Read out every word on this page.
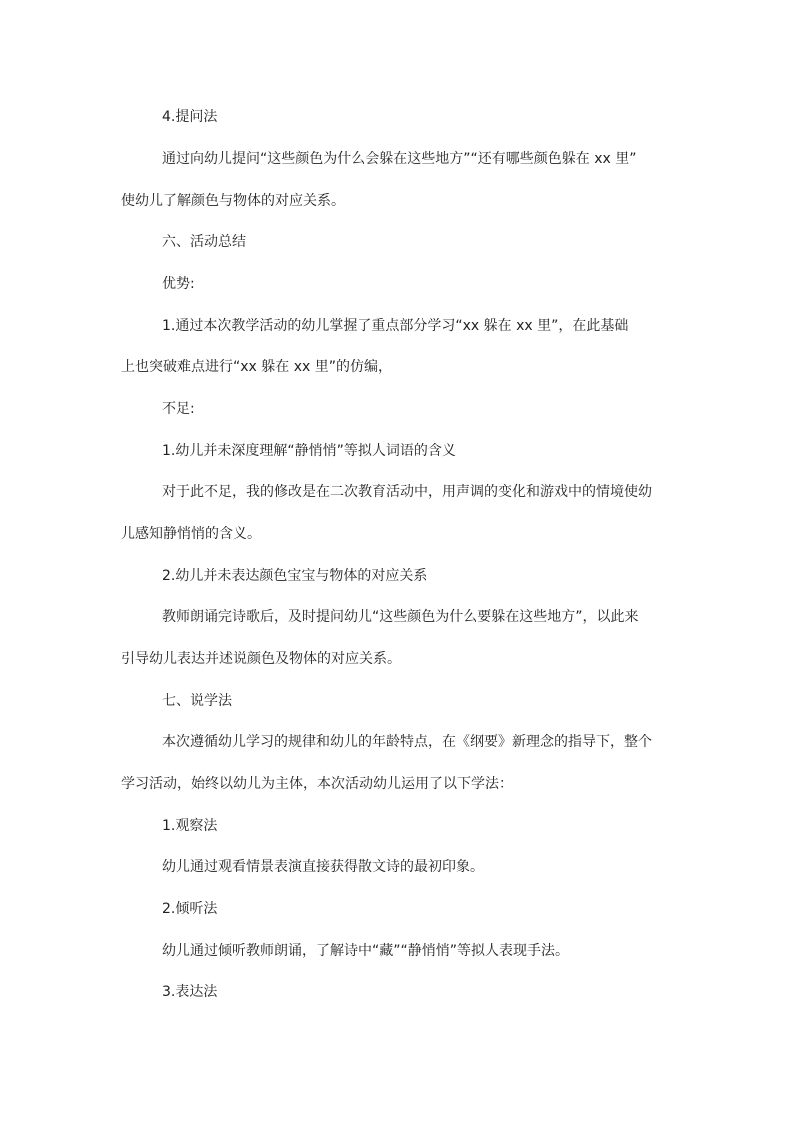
4.提问法
通过向幼儿提问“这些颜色为什么会躲在这些地方”“还有哪些颜色躲在 xx 里”
使幼儿了解颜色与物体的对应关系。
六、活动总结
优势:
1.通过本次教学活动的幼儿掌握了重点部分学习“xx 躲在 xx 里”，在此基础
上也突破难点进行“xx 躲在 xx 里”的仿编，
不足:
1.幼儿并未深度理解“静悄悄”等拟人词语的含义
对于此不足，我的修改是在二次教育活动中，用声调的变化和游戏中的情境使幼
儿感知静悄悄的含义。
2.幼儿并未表达颜色宝宝与物体的对应关系
教师朗诵完诗歌后，及时提问幼儿“这些颜色为什么要躲在这些地方”，以此来
引导幼儿表达并述说颜色及物体的对应关系。
七、说学法
本次遵循幼儿学习的规律和幼儿的年龄特点，在《纲要》新理念的指导下，整个
学习活动，始终以幼儿为主体，本次活动幼儿运用了以下学法：
1.观察法
幼儿通过观看情景表演直接获得散文诗的最初印象。
2.倾听法
幼儿通过倾听教师朗诵，了解诗中“藏”“静悄悄”等拟人表现手法。
3.表达法
